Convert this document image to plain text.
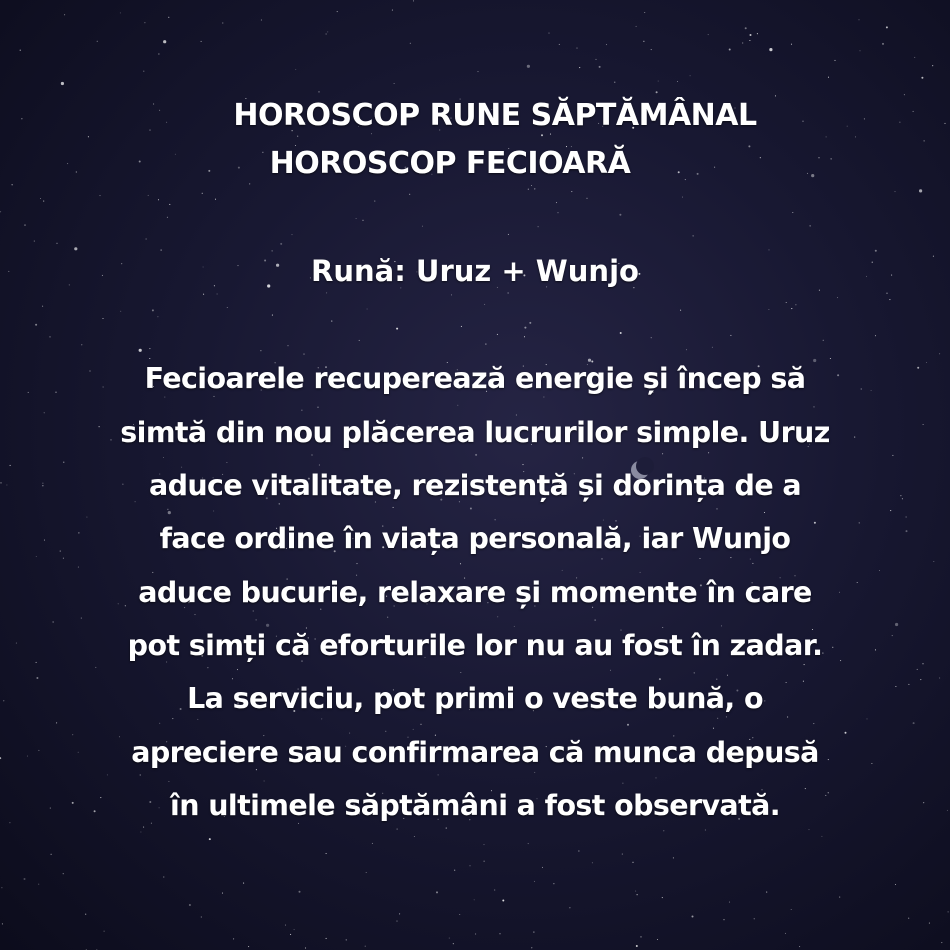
HOROSCOP RUNE SĂPTĂMÂNAL
HOROSCOP FECIOARĂ
Rună: Uruz + Wunjo
Fecioarele recuperează energie și încep să
simtă din nou plăcerea lucrurilor simple. Uruz
aduce vitalitate, rezistență și dorința de a
face ordine în viața personală, iar Wunjo
aduce bucurie, relaxare și momente în care
pot simți că eforturile lor nu au fost în zadar.
La serviciu, pot primi o veste bună, o
apreciere sau confirmarea că munca depusă
în ultimele săptămâni a fost observată.
